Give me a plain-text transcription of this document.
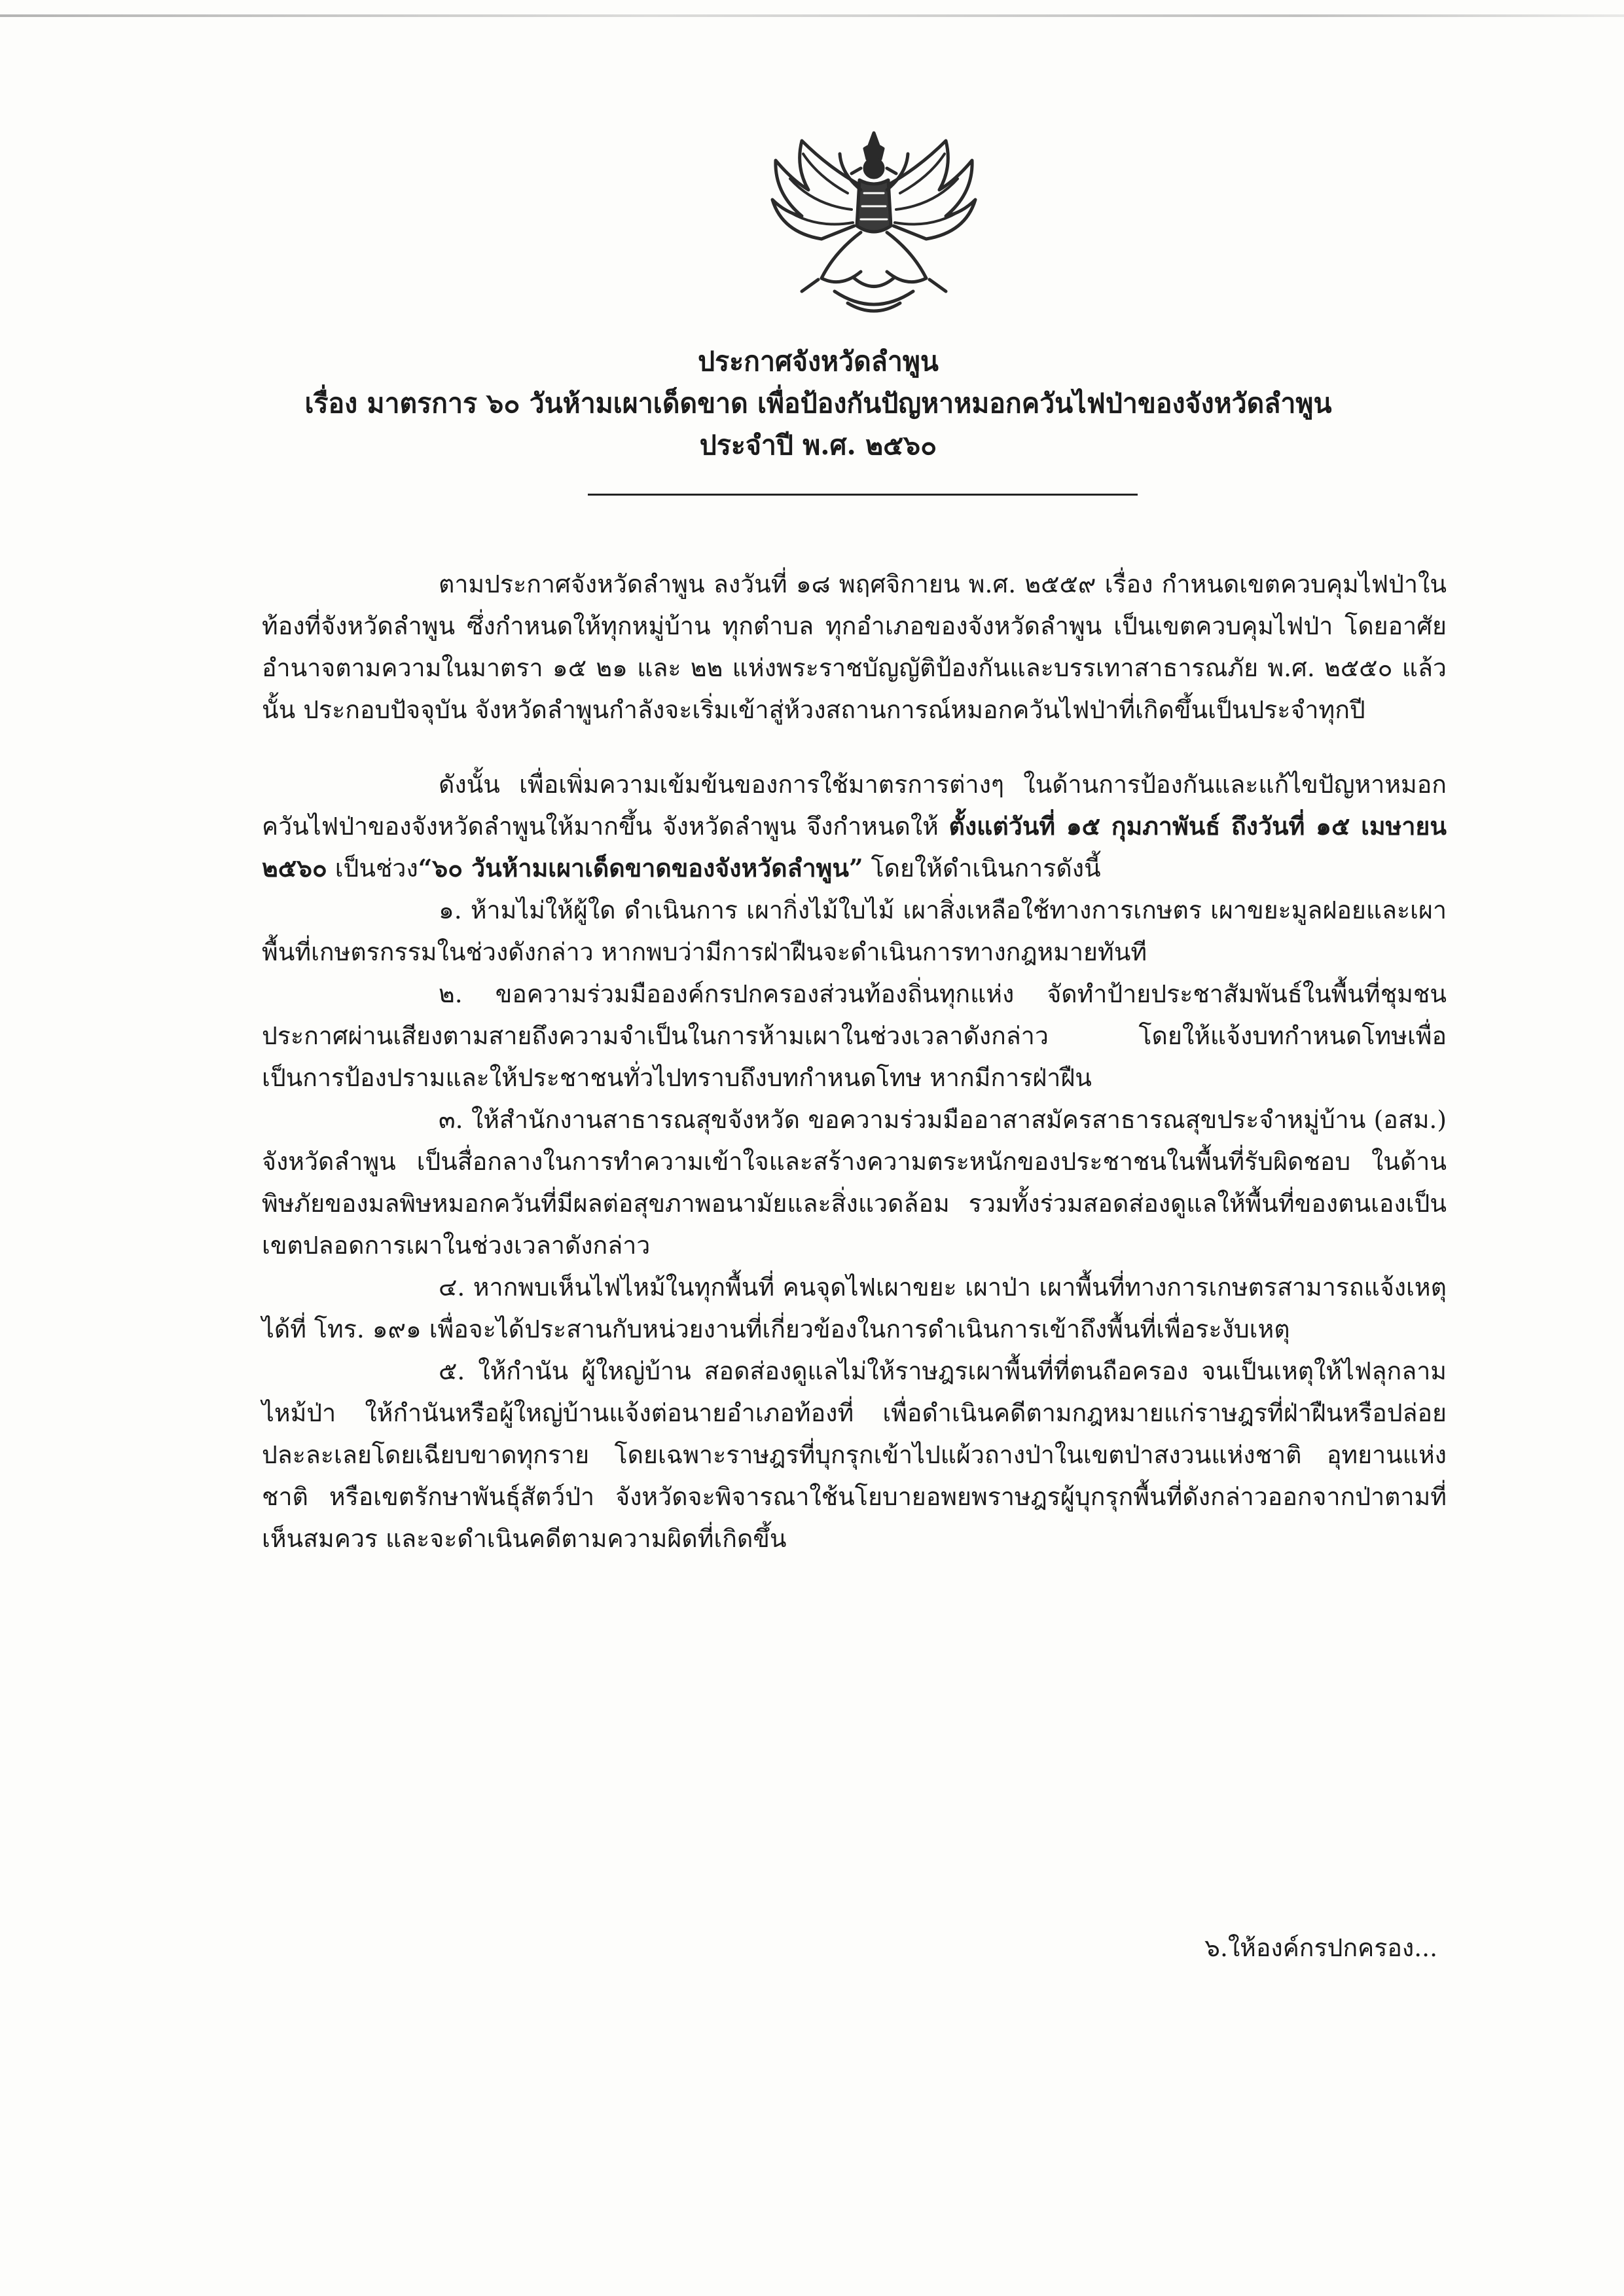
ประกาศจังหวัดลำพูน
เรื่อง มาตรการ ๖๐ วันห้ามเผาเด็ดขาด เพื่อป้องกันปัญหาหมอกควันไฟป่าของจังหวัดลำพูน
ประจำปี พ.ศ. ๒๕๖๐

ตามประกาศจังหวัดลำพูน ลงวันที่ ๑๘ พฤศจิกายน พ.ศ. ๒๕๕๙ เรื่อง กำหนดเขตควบคุมไฟป่าในท้องที่จังหวัดลำพูน ซึ่งกำหนดให้ทุกหมู่บ้าน ทุกตำบล ทุกอำเภอของจังหวัดลำพูน เป็นเขตควบคุมไฟป่า โดยอาศัยอำนาจตามความในมาตรา ๑๕ ๒๑ และ ๒๒ แห่งพระราชบัญญัติป้องกันและบรรเทาสาธารณภัย พ.ศ. ๒๕๕๐ แล้วนั้น ประกอบปัจจุบัน จังหวัดลำพูนกำลังจะเริ่มเข้าสู่ห้วงสถานการณ์หมอกควันไฟป่าที่เกิดขึ้นเป็นประจำทุกปี

ดังนั้น เพื่อเพิ่มความเข้มข้นของการใช้มาตรการต่างๆ ในด้านการป้องกันและแก้ไขปัญหาหมอกควันไฟป่าของจังหวัดลำพูนให้มากขึ้น จังหวัดลำพูน จึงกำหนดให้ ตั้งแต่วันที่ ๑๕ กุมภาพันธ์ ถึงวันที่ ๑๕ เมษายน ๒๕๖๐ เป็นช่วง“๖๐ วันห้ามเผาเด็ดขาดของจังหวัดลำพูน” โดยให้ดำเนินการดังนี้

๑. ห้ามไม่ให้ผู้ใด ดำเนินการ เผากิ่งไม้ใบไม้ เผาสิ่งเหลือใช้ทางการเกษตร เผาขยะมูลฝอยและเผาพื้นที่เกษตรกรรมในช่วงดังกล่าว หากพบว่ามีการฝ่าฝืนจะดำเนินการทางกฎหมายทันที

๒. ขอความร่วมมือองค์กรปกครองส่วนท้องถิ่นทุกแห่ง จัดทำป้ายประชาสัมพันธ์ในพื้นที่ชุมชน ประกาศผ่านเสียงตามสายถึงความจำเป็นในการห้ามเผาในช่วงเวลาดังกล่าว โดยให้แจ้งบทกำหนดโทษเพื่อเป็นการป้องปรามและให้ประชาชนทั่วไปทราบถึงบทกำหนดโทษ หากมีการฝ่าฝืน

๓. ให้สำนักงานสาธารณสุขจังหวัด ขอความร่วมมืออาสาสมัครสาธารณสุขประจำหมู่บ้าน (อสม.) จังหวัดลำพูน เป็นสื่อกลางในการทำความเข้าใจและสร้างความตระหนักของประชาชนในพื้นที่รับผิดชอบ ในด้านพิษภัยของมลพิษหมอกควันที่มีผลต่อสุขภาพอนามัยและสิ่งแวดล้อม รวมทั้งร่วมสอดส่องดูแลให้พื้นที่ของตนเองเป็นเขตปลอดการเผาในช่วงเวลาดังกล่าว

๔. หากพบเห็นไฟไหม้ในทุกพื้นที่ คนจุดไฟเผาขยะ เผาป่า เผาพื้นที่ทางการเกษตรสามารถแจ้งเหตุได้ที่ โทร. ๑๙๑ เพื่อจะได้ประสานกับหน่วยงานที่เกี่ยวข้องในการดำเนินการเข้าถึงพื้นที่เพื่อระงับเหตุ

๕. ให้กำนัน ผู้ใหญ่บ้าน สอดส่องดูแลไม่ให้ราษฎรเผาพื้นที่ที่ตนถือครอง จนเป็นเหตุให้ไฟลุกลามไหม้ป่า ให้กำนันหรือผู้ใหญ่บ้านแจ้งต่อนายอำเภอท้องที่ เพื่อดำเนินคดีตามกฎหมายแก่ราษฎรที่ฝ่าฝืนหรือปล่อยปละละเลยโดยเฉียบขาดทุกราย โดยเฉพาะราษฎรที่บุกรุกเข้าไปแผ้วถางป่าในเขตป่าสงวนแห่งชาติ อุทยานแห่งชาติ หรือเขตรักษาพันธุ์สัตว์ป่า จังหวัดจะพิจารณาใช้นโยบายอพยพราษฎรผู้บุกรุกพื้นที่ดังกล่าวออกจากป่าตามที่เห็นสมควร และจะดำเนินคดีตามความผิดที่เกิดขึ้น

๖.ให้องค์กรปกครอง...
